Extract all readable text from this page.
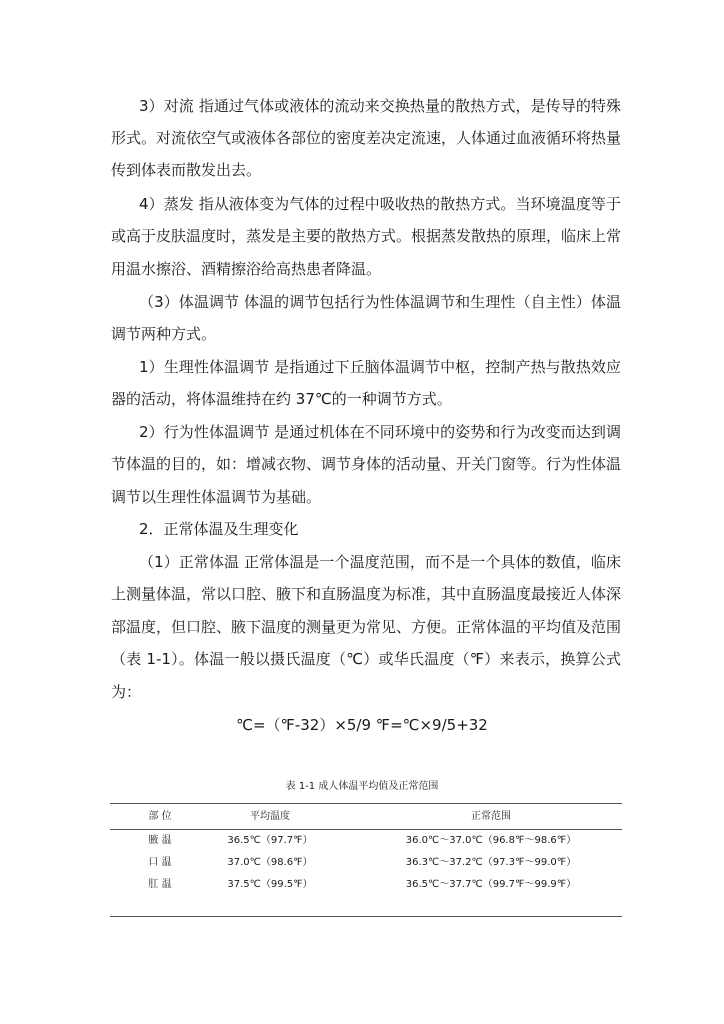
3）对流 指通过气体或液体的流动来交换热量的散热方式，是传导的特殊

形式。对流依空气或液体各部位的密度差决定流速，人体通过血液循环将热量

传到体表而散发出去。

4）蒸发 指从液体变为气体的过程中吸收热的散热方式。当环境温度等于

或高于皮肤温度时，蒸发是主要的散热方式。根据蒸发散热的原理，临床上常

用温水擦浴、酒精擦浴给高热患者降温。

（3）体温调节 体温的调节包括行为性体温调节和生理性（自主性）体温

调节两种方式。

1）生理性体温调节 是指通过下丘脑体温调节中枢，控制产热与散热效应

器的活动，将体温维持在约 37℃的一种调节方式。

2）行为性体温调节 是通过机体在不同环境中的姿势和行为改变而达到调

节体温的目的，如：增减衣物、调节身体的活动量、开关门窗等。行为性体温

调节以生理性体温调节为基础。

2．正常体温及生理变化

（1）正常体温 正常体温是一个温度范围，而不是一个具体的数值，临床

上测量体温，常以口腔、腋下和直肠温度为标准，其中直肠温度最接近人体深

部温度，但口腔、腋下温度的测量更为常见、方便。正常体温的平均值及范围

（表 1-1）。体温一般以摄氏温度（℃）或华氏温度（℉）来表示，换算公式

为：

℃=（℉-32）×5/9 ℉=℃×9/5+32

表 1-1 成人体温平均值及正常范围

部 位	平均温度	正常范围
腋 温	36.5℃（97.7℉）	36.0℃～37.0℃（96.8℉～98.6℉）
口 温	37.0℃（98.6℉）	36.3℃～37.2℃（97.3℉～99.0℉）
肛 温	37.5℃（99.5℉）	36.5℃～37.7℃（99.7℉～99.9℉）
